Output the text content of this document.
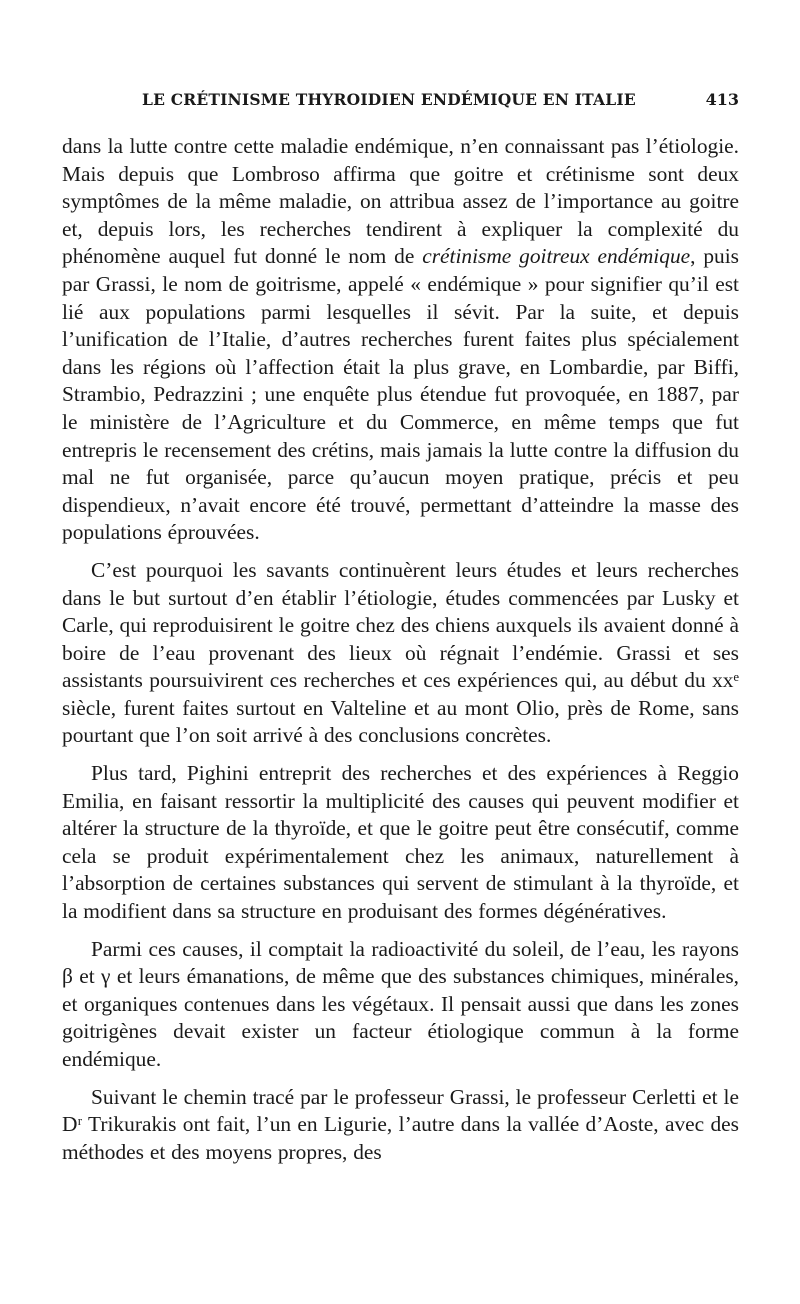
LE CRÉTINISME THYROIDIEN ENDÉMIQUE EN ITALIE	413

dans la lutte contre cette maladie endémique, n’en connaissant pas l’étiologie. Mais depuis que Lombroso affirma que goitre et crétinisme sont deux symptômes de la même maladie, on attribua assez de l’importance au goitre et, depuis lors, les recherches tendirent à expliquer la complexité du phénomène auquel fut donné le nom de crétinisme goitreux endémique, puis par Grassi, le nom de goitrisme, appelé « endémique » pour signifier qu’il est lié aux populations parmi lesquelles il sévit. Par la suite, et depuis l’unification de l’Italie, d’autres recherches furent faites plus spécialement dans les régions où l’affection était la plus grave, en Lombardie, par Biffi, Strambio, Pedrazzini ; une enquête plus étendue fut provoquée, en 1887, par le ministère de l’Agriculture et du Commerce, en même temps que fut entrepris le recensement des crétins, mais jamais la lutte contre la diffusion du mal ne fut organisée, parce qu’aucun moyen pratique, précis et peu dispendieux, n’avait encore été trouvé, permettant d’atteindre la masse des populations éprouvées.

C’est pourquoi les savants continuèrent leurs études et leurs recherches dans le but surtout d’en établir l’étiologie, études commencées par Lusky et Carle, qui reproduisirent le goitre chez des chiens auxquels ils avaient donné à boire de l’eau provenant des lieux où régnait l’endémie. Grassi et ses assistants poursuivirent ces recherches et ces expériences qui, au début du xxᵉ siècle, furent faites surtout en Valteline et au mont Olio, près de Rome, sans pourtant que l’on soit arrivé à des conclusions concrètes.

Plus tard, Pighini entreprit des recherches et des expériences à Reggio Emilia, en faisant ressortir la multiplicité des causes qui peuvent modifier et altérer la structure de la thyroïde, et que le goitre peut être consécutif, comme cela se produit expérimentalement chez les animaux, naturellement à l’absorption de certaines substances qui servent de stimulant à la thyroïde, et la modifient dans sa structure en produisant des formes dégénératives.

Parmi ces causes, il comptait la radioactivité du soleil, de l’eau, les rayons β et γ et leurs émanations, de même que des substances chimiques, minérales, et organiques contenues dans les végétaux. Il pensait aussi que dans les zones goitrigènes devait exister un facteur étiologique commun à la forme endémique.

Suivant le chemin tracé par le professeur Grassi, le professeur Cerletti et le Dʳ Trikurakis ont fait, l’un en Ligurie, l’autre dans la vallée d’Aoste, avec des méthodes et des moyens propres, des
